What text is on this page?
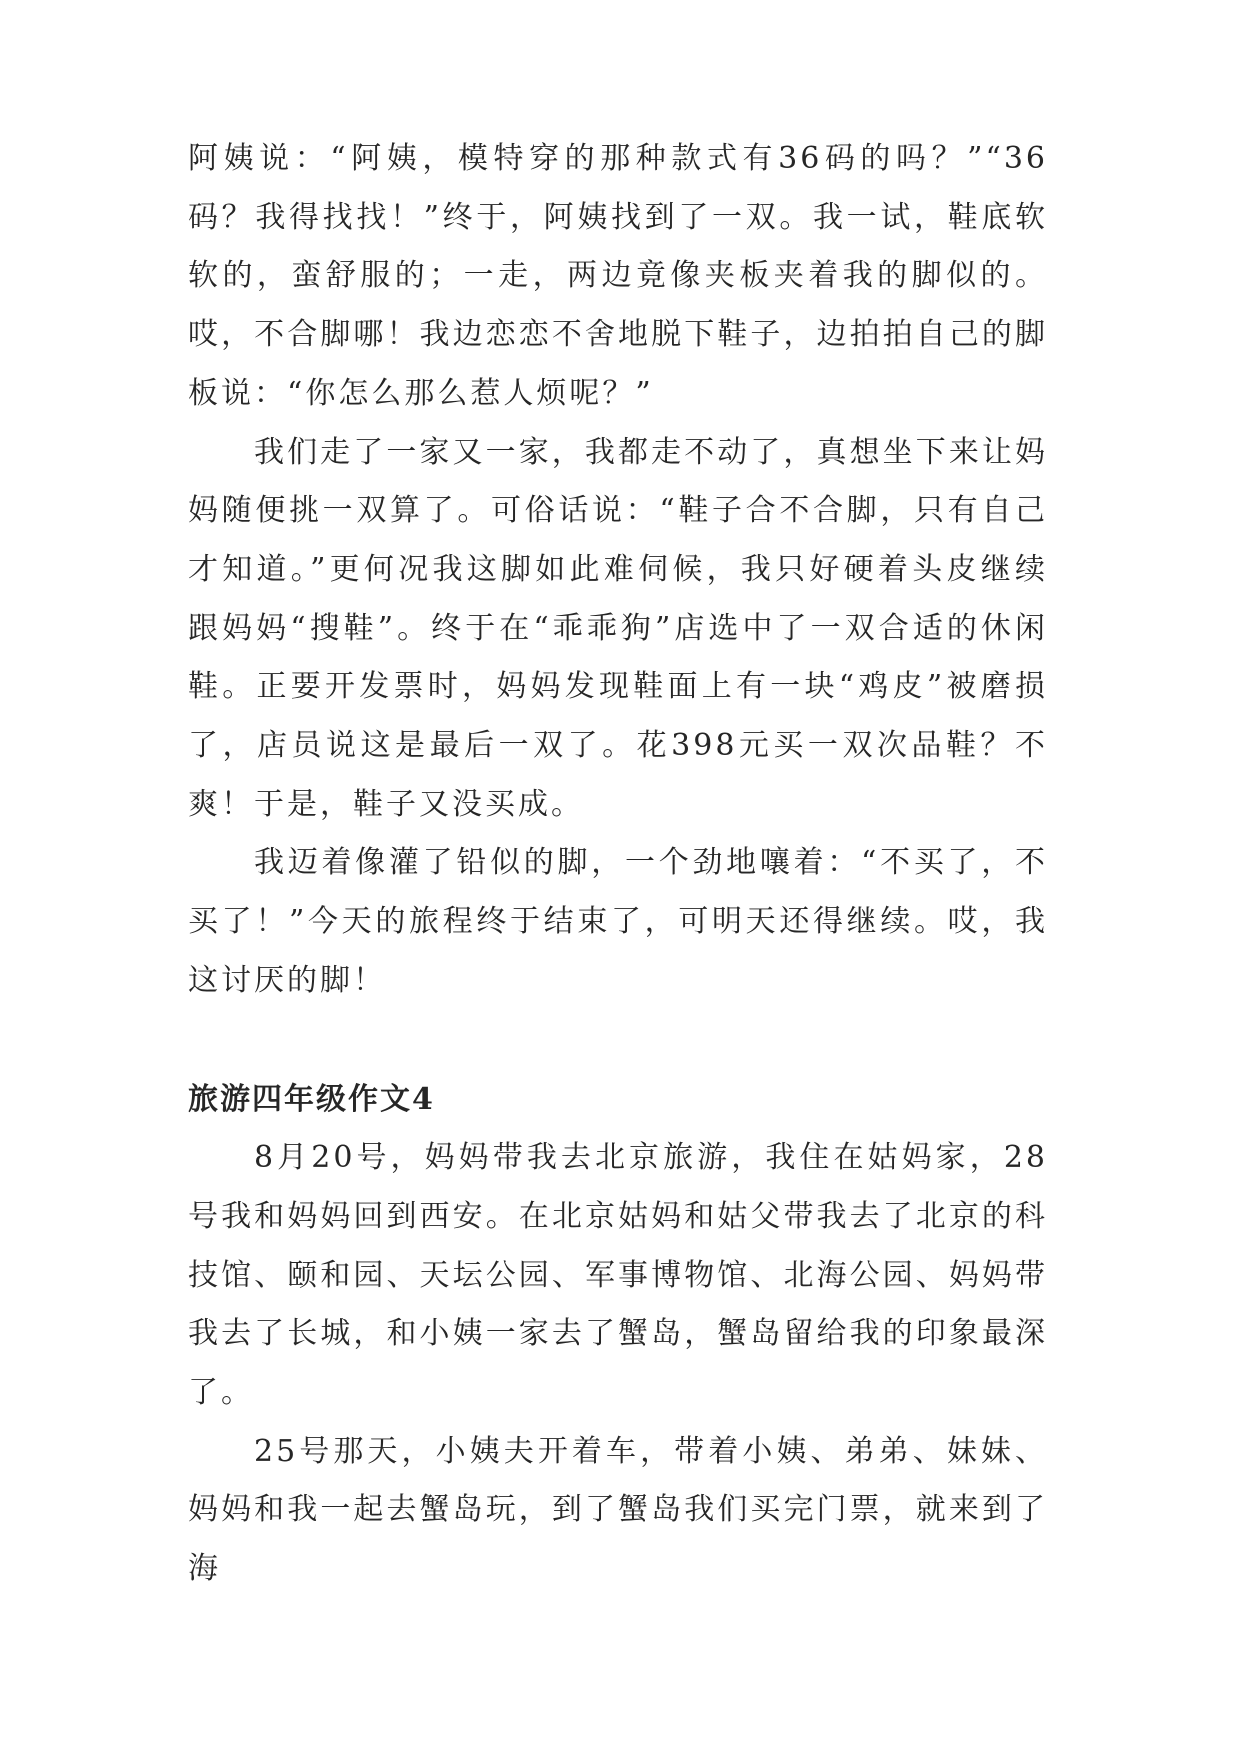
阿姨说：“阿姨，模特穿的那种款式有36码的吗？”“36码？我得找找！”终于，阿姨找到了一双。我一试，鞋底软软的，蛮舒服的；一走，两边竟像夹板夹着我的脚似的。哎，不合脚哪！我边恋恋不舍地脱下鞋子，边拍拍自己的脚板说：“你怎么那么惹人烦呢？”

我们走了一家又一家，我都走不动了，真想坐下来让妈妈随便挑一双算了。可俗话说：“鞋子合不合脚，只有自己才知道。”更何况我这脚如此难伺候，我只好硬着头皮继续跟妈妈“搜鞋”。终于在“乖乖狗”店选中了一双合适的休闲鞋。正要开发票时，妈妈发现鞋面上有一块“鸡皮”被磨损了，店员说这是最后一双了。花398元买一双次品鞋？不爽！于是，鞋子又没买成。

我迈着像灌了铅似的脚，一个劲地嚷着：“不买了，不买了！”今天的旅程终于结束了，可明天还得继续。哎，我这讨厌的脚！

旅游四年级作文4

8月20号，妈妈带我去北京旅游，我住在姑妈家，28号我和妈妈回到西安。在北京姑妈和姑父带我去了北京的科技馆、颐和园、天坛公园、军事博物馆、北海公园、妈妈带我去了长城，和小姨一家去了蟹岛，蟹岛留给我的印象最深了。

25号那天，小姨夫开着车，带着小姨、弟弟、妹妹、妈妈和我一起去蟹岛玩，到了蟹岛我们买完门票，就来到了海
